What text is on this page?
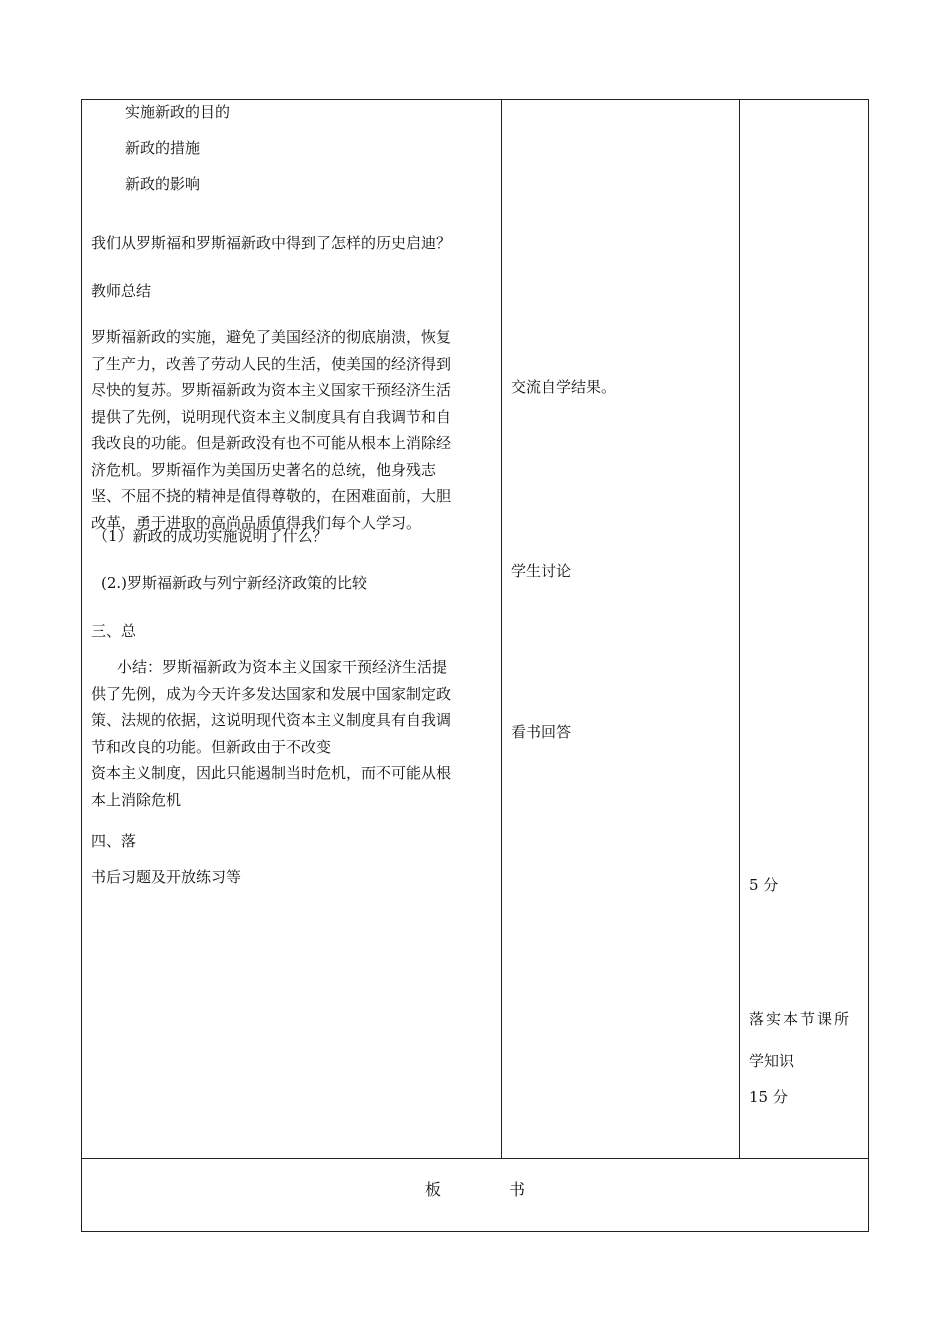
实施新政的目的
新政的措施
新政的影响
我们从罗斯福和罗斯福新政中得到了怎样的历史启迪？
教师总结
罗斯福新政的实施，避免了美国经济的彻底崩溃，恢复
了生产力，改善了劳动人民的生活，使美国的经济得到
尽快的复苏。罗斯福新政为资本主义国家干预经济生活
提供了先例，说明现代资本主义制度具有自我调节和自
我改良的功能。但是新政没有也不可能从根本上消除经
济危机。罗斯福作为美国历史著名的总统，他身残志
坚、不屈不挠的精神是值得尊敬的，在困难面前，大胆
改革，勇于进取的高尚品质值得我们每个人学习。
（1）新政的成功实施说明了什么？
(2.)罗斯福新政与列宁新经济政策的比较
三、总
小结：罗斯福新政为资本主义国家干预经济生活提
供了先例，成为今天许多发达国家和发展中国家制定政
策、法规的依据，这说明现代资本主义制度具有自我调
节和改良的功能。但新政由于不改变
资本主义制度，因此只能遏制当时危机，而不可能从根
本上消除危机
四、落
书后习题及开放练习等
交流自学结果。
学生讨论
看书回答
5 分
落实本节课所
学知识
15 分
板	书
